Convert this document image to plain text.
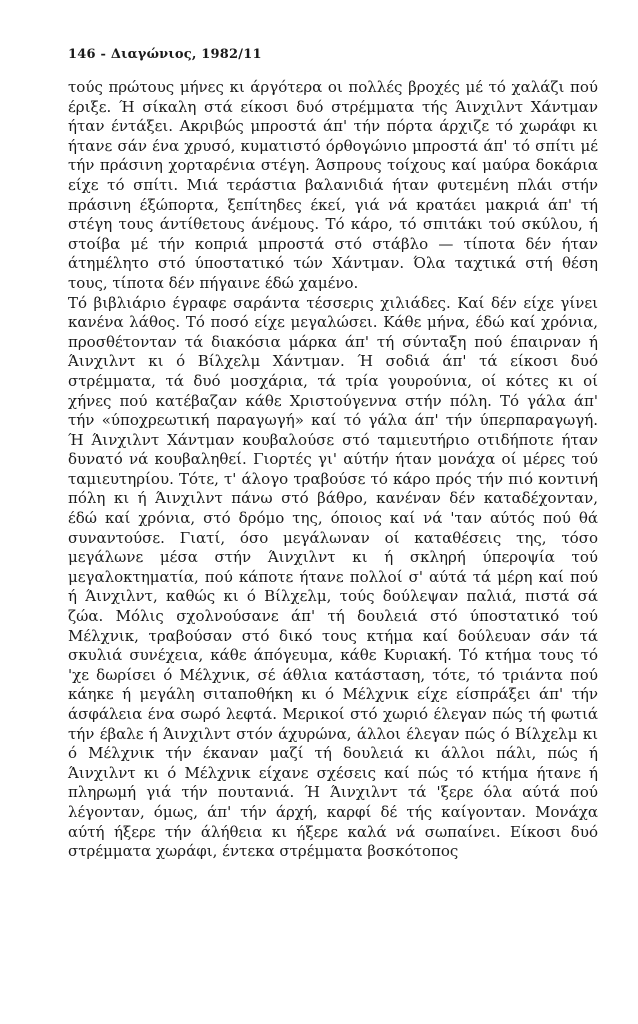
146 - Διαγώνιος, 1982/11

τούς πρώτους μήνες κι άργότερα οι πολλές βροχές μέ τό χαλάζι πού έριξε. Ή σίκαλη στά είκοσι δυό στρέμματα τής Άινχιλντ Χάντμαν ήταν έντάξει. Ακριβώς μπροστά άπ' τήν πόρτα άρχιζε τό χωράφι κι ήτανε σάν ένα χρυσό, κυματιστό όρθογώνιο μπροστά άπ' τό σπίτι μέ τήν πράσινη χορταρένια στέγη. Άσπρους τοίχους καί μαύρα δοκάρια είχε τό σπίτι. Μιά τεράστια βαλανιδιά ήταν φυτεμένη πλάι στήν πράσινη έξώπορτα, ξεπίτηδες έκεί, γιά νά κρατάει μακριά άπ' τή στέγη τους άντίθετους άνέμους. Τό κάρο, τό σπιτάκι τού σκύλου, ή στοίβα μέ τήν κοπριά μπροστά στό στάβλο — τίποτα δέν ήταν άτημέλητο στό ύποστατικό τών Χάντμαν. Όλα ταχτικά στή θέση τους, τίποτα δέν πήγαινε έδώ χαμένο.

Τό βιβλιάριο έγραφε σαράντα τέσσερις χιλιάδες. Καί δέν είχε γίνει κανένα λάθος. Τό ποσό είχε μεγαλώσει. Κάθε μήνα, έδώ καί χρόνια, προσθέτονταν τά διακόσια μάρκα άπ' τή σύνταξη πού έπαιρναν ή Άινχιλντ κι ό Βίλχελμ Χάντμαν. Ή σοδιά άπ' τά είκοσι δυό στρέμματα, τά δυό μοσχάρια, τά τρία γουρούνια, οί κότες κι οί χήνες πού κατέβαζαν κάθε Χριστούγεννα στήν πόλη. Τό γάλα άπ' τήν «ύποχρεωτική παραγωγή» καί τό γάλα άπ' τήν ύπερπαραγωγή. Ή Άινχιλντ Χάντμαν κουβαλούσε στό ταμιευτήριο οτιδήποτε ήταν δυνατό νά κουβαληθεί. Γιορτές γι' αύτήν ήταν μονάχα οί μέρες τού ταμιευτηρίου. Τότε, τ' άλογο τραβούσε τό κάρο πρός τήν πιό κοντινή πόλη κι ή Άινχιλντ πάνω στό βάθρο, κανέναν δέν καταδέχονταν, έδώ καί χρόνια, στό δρόμο της, όποιος καί νά 'ταν αύτός πού θά συναντούσε. Γιατί, όσο μεγάλωναν οί καταθέσεις της, τόσο μεγάλωνε μέσα στήν Άινχιλντ κι ή σκληρή ύπεροψία τού μεγαλοκτηματία, πού κάποτε ήτανε πολλοί σ' αύτά τά μέρη καί πού ή Άινχιλντ, καθώς κι ό Βίλχελμ, τούς δούλεψαν παλιά, πιστά σά ζώα. Μόλις σχολνούσανε άπ' τή δουλειά στό ύποστατικό τού Μέλχνικ, τραβούσαν στό δικό τους κτήμα καί δούλευαν σάν τά σκυλιά συνέχεια, κάθε άπόγευμα, κάθε Κυριακή. Τό κτήμα τους τό 'χε δωρίσει ό Μέλχνικ, σέ άθλια κατάσταση, τότε, τό τριάντα πού κάηκε ή μεγάλη σιταποθήκη κι ό Μέλχνικ είχε είσπράξει άπ' τήν άσφάλεια ένα σωρό λεφτά. Μερικοί στό χωριό έλεγαν πώς τή φωτιά τήν έβαλε ή Άινχιλντ στόν άχυρώνα, άλλοι έλεγαν πώς ό Βίλχελμ κι ό Μέλχνικ τήν έκαναν μαζί τή δουλειά κι άλλοι πάλι, πώς ή Άινχιλντ κι ό Μέλχνικ είχανε σχέσεις καί πώς τό κτήμα ήτανε ή πληρωμή γιά τήν πουτανιά. Ή Άινχιλντ τά 'ξερε όλα αύτά πού λέγονταν, όμως, άπ' τήν άρχή, καρφί δέ τής καίγονταν. Μονάχα αύτή ήξερε τήν άλήθεια κι ήξερε καλά νά σωπαίνει. Είκοσι δυό στρέμματα χωράφι, έντεκα στρέμματα βοσκότοπος
